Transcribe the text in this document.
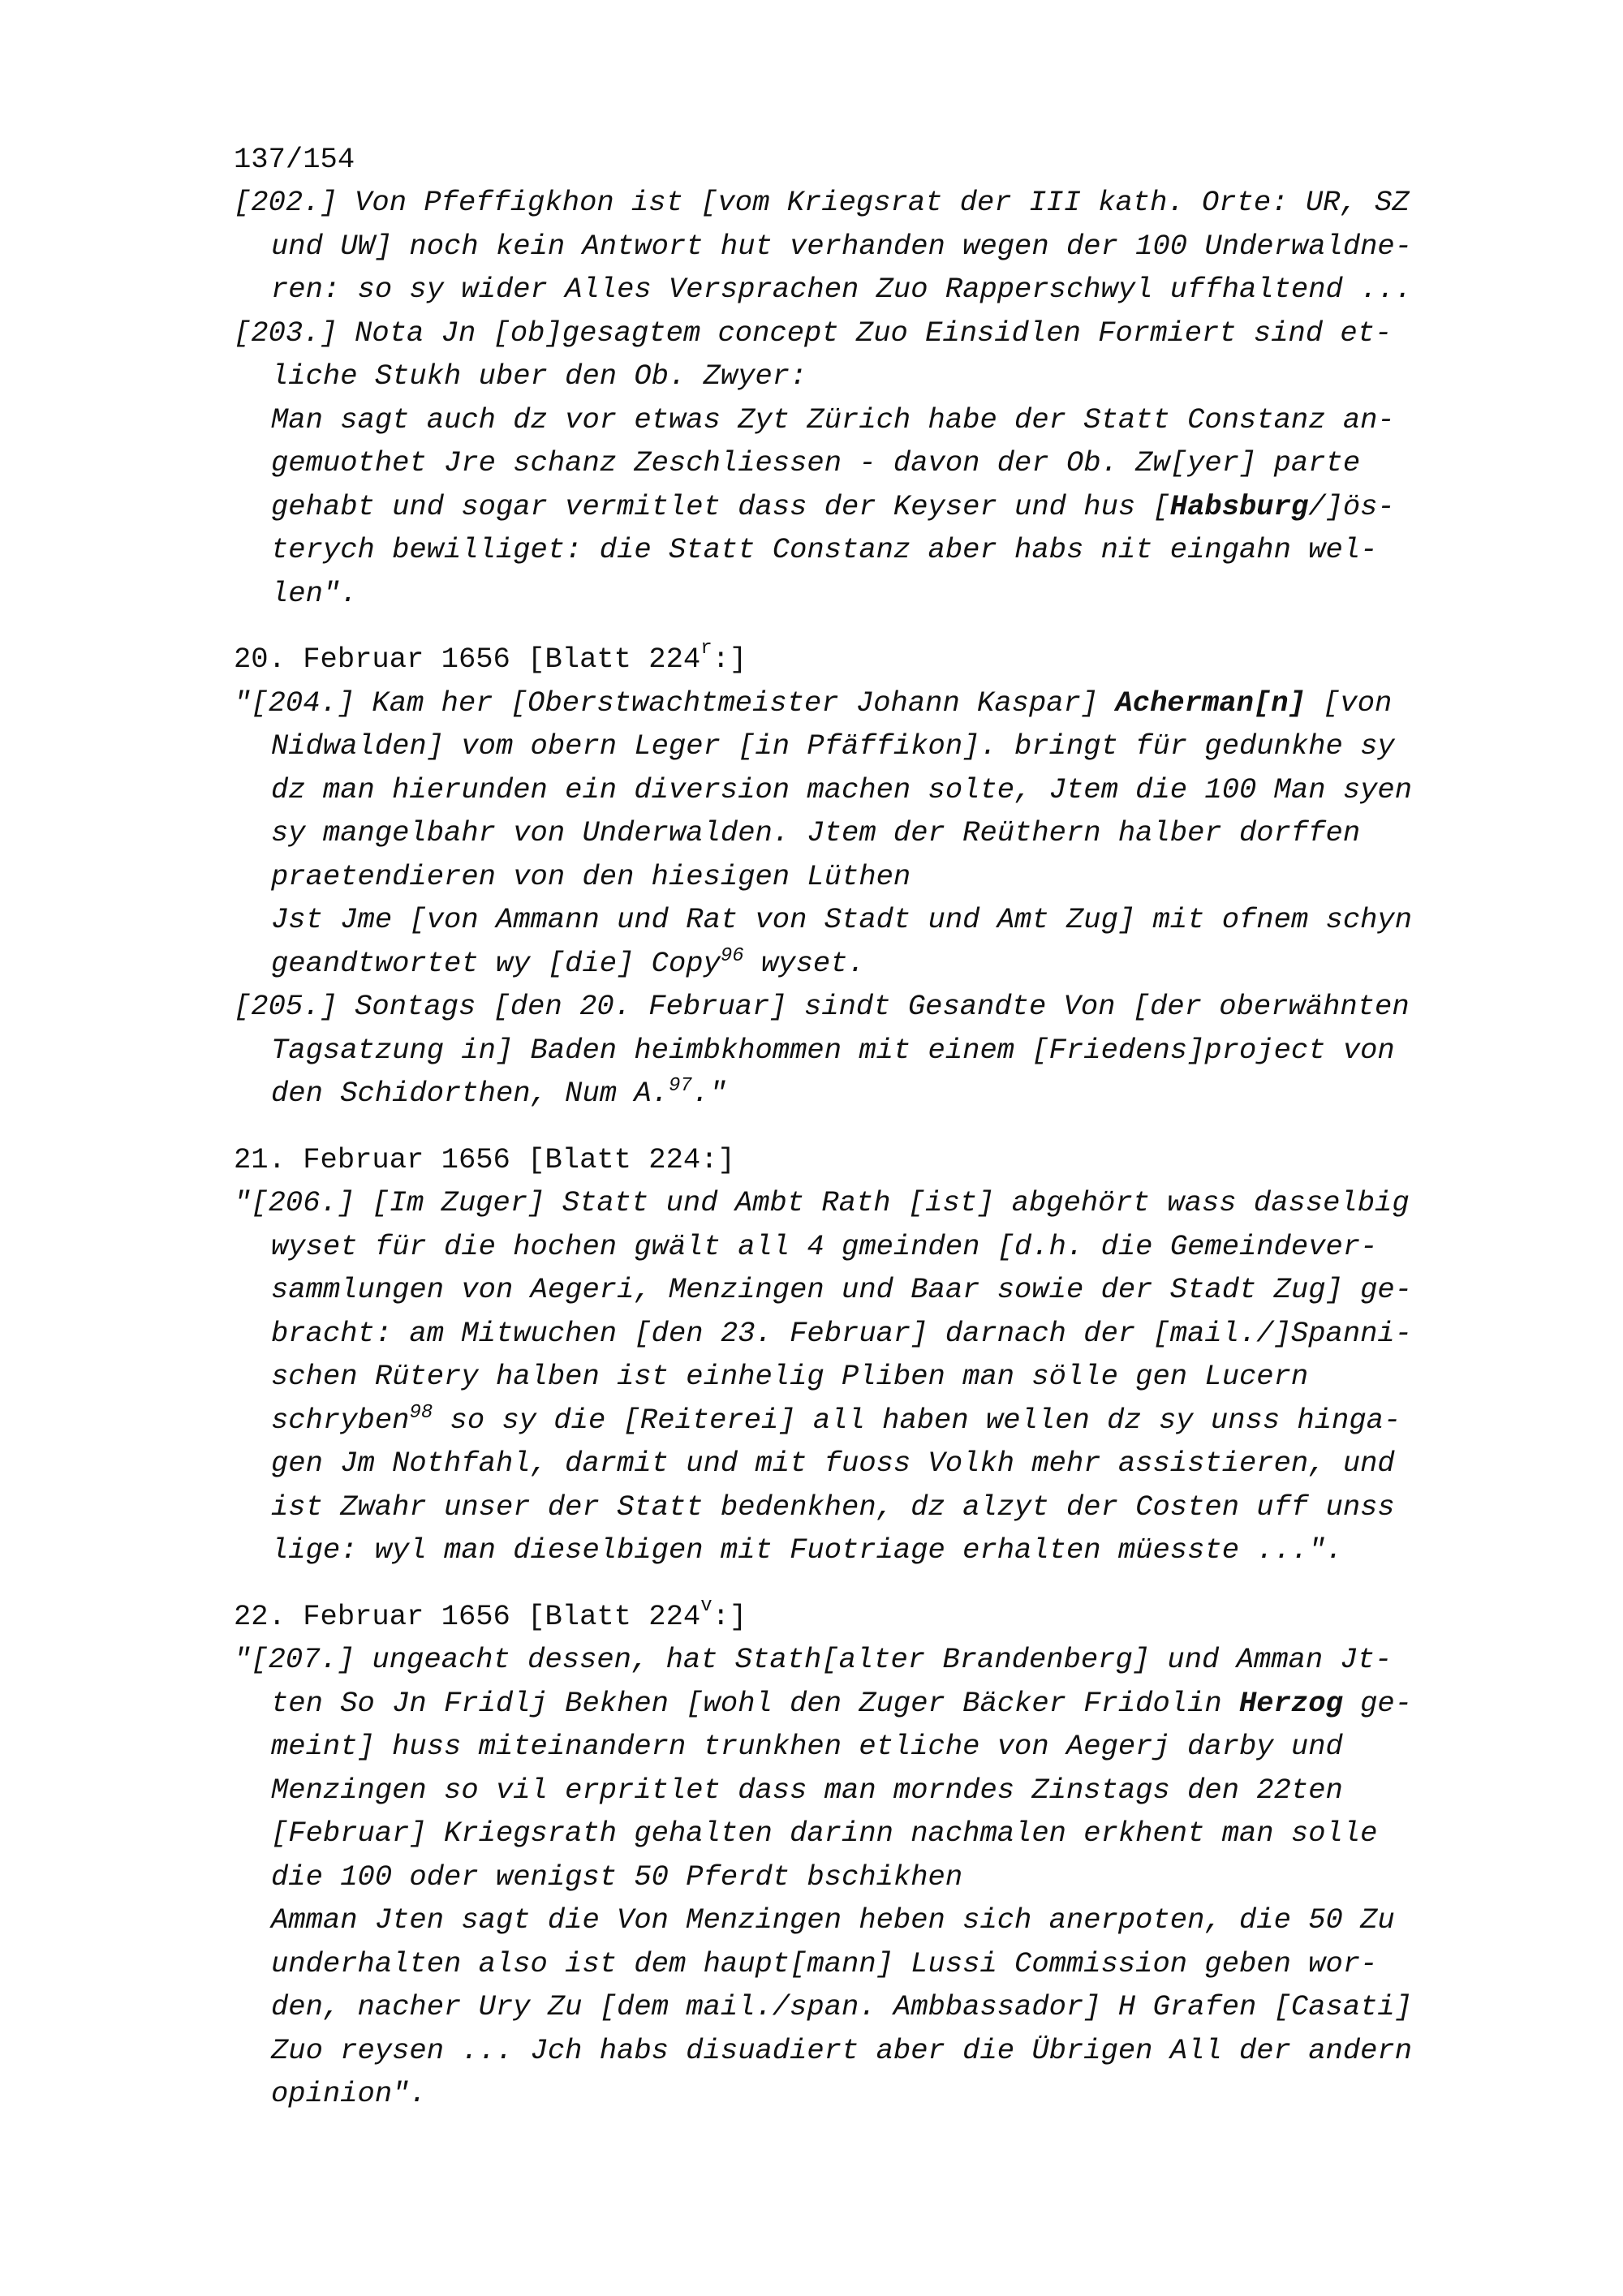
137/154
[202.] Von Pfeffigkhon ist [vom Kriegsrat der III kath. Orte: UR, SZ
und UW] noch kein Antwort hut verhanden wegen der 100 Underwaldne-
ren: so sy wider Alles Versprachen Zuo Rapperschwyl uffhaltend ...
[203.] Nota Jn [ob]gesagtem concept Zuo Einsidlen Formiert sind et-
liche Stukh uber den Ob. Zwyer:
Man sagt auch dz vor etwas Zyt Zürich habe der Statt Constanz an-
gemuothet Jre schanz Zeschliessen - davon der Ob. Zw[yer] parte
gehabt und sogar vermitlet dass der Keyser und hus [Habsburg/]ös-
terych bewilliget: die Statt Constanz aber habs nit eingahn wel-
len".
20. Februar 1656 [Blatt 224$^r$:]
"[204.] Kam her [Oberstwachtmeister Johann Kaspar] Acherman[n] [von
Nidwalden] vom obern Leger [in Pfäffikon]. bringt für gedunkhe sy
dz man hierunden ein diversion machen solte, Jtem die 100 Man syen
sy mangelbahr von Underwalden. Jtem der Reüthern halber dorffen
praetendieren von den hiesigen Lüthen
Jst Jme [von Ammann und Rat von Stadt und Amt Zug] mit ofnem schyn
geandtwortet wy [die] Copy$^{96}$ wyset.
[205.] Sontags [den 20. Februar] sindt Gesandte Von [der oberwähnten
Tagsatzung in] Baden heimbkhommen mit einem [Friedens]project von
den Schidorthen, Num A.$^{97}$."
21. Februar 1656 [Blatt 224:]
"[206.] [Im Zuger] Statt und Ambt Rath [ist] abgehört wass dasselbig
wyset für die hochen gwält all 4 gmeinden [d.h. die Gemeindever-
sammlungen von Aegeri, Menzingen und Baar sowie der Stadt Zug] ge-
bracht: am Mitwuchen [den 23. Februar] darnach der [mail./]Spanni-
schen Rütery halben ist einhelig Pliben man sölle gen Lucern
schryben$^{98}$ so sy die [Reiterei] all haben wellen dz sy unss hinga-
gen Jm Nothfahl, darmit und mit fuoss Volkh mehr assistieren, und
ist Zwahr unser der Statt bedenkhen, dz alzyt der Costen uff unss
lige: wyl man dieselbigen mit Fuotriage erhalten müesste ...".
22. Februar 1656 [Blatt 224$^v$:]
"[207.] ungeacht dessen, hat Stath[alter Brandenberg] und Amman Jt-
ten So Jn Fridlj Bekhen [wohl den Zuger Bäcker Fridolin Herzog ge-
meint] huss miteinandern trunkhen etliche von Aegerj darby und
Menzingen so vil erpritlet dass man morndes Zinstags den 22ten
[Februar] Kriegsrath gehalten darinn nachmalen erkhent man solle
die 100 oder wenigst 50 Pferdt bschikhen
Amman Jten sagt die Von Menzingen heben sich anerpoten, die 50 Zu
underhalten also ist dem haupt[mann] Lussi Commission geben wor-
den, nacher Ury Zu [dem mail./span. Ambbassador] H Grafen [Casati]
Zuo reysen ... Jch habs disuadiert aber die Übrigen All der andern
opinion".
